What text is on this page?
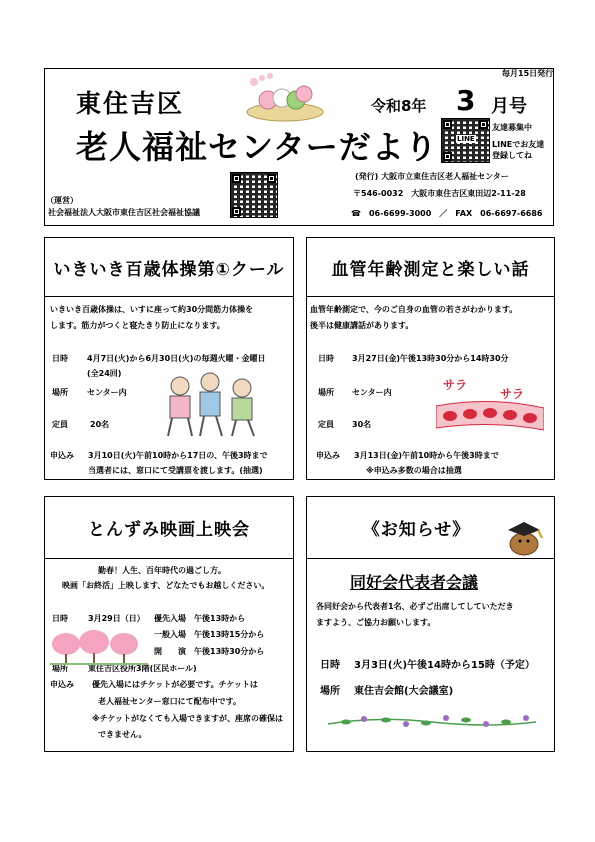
毎月15日発行
東住吉区	令和8年 3 月号
老人福祉センターだより	LINE
友達募集中
LINEでお友達
登録してね
（運営）
社会福祉法人大阪市東住吉区社会福祉協議
(発行) 大阪市立東住吉区老人福祉センター
〒546-0032　大阪市東住吉区東田辺2-11-28
☎　06-6699-3000　／　FAX　06-6697-6686
いきいき百歳体操第①クール
いきいき百歳体操は、いすに座って約30分間筋力体操を
します。筋力がつくと寝たきり防止になります。
日時 4月7日(火)から6月30日(火)の毎週火曜・金曜日
(全24回)
場所 センター内
定員	20名
申込み 3月10日(火)午前10時から17日の、午後3時まで
当選者には、窓口にて受講票を渡します。(抽選)
血管年齢測定と楽しい話
血管年齢測定で、今のご自身の血管の若さがわかります。
後半は健康講話があります。
日時 3月27日(金)午後13時30分から14時30分
場所 センター内
定員 30名
申込み 3月13日(金)午前10時から午後3時まで
※申込み多数の場合は抽選
サラ
サラ
とんずみ映画上映会
勤春！人生、百年時代の過ごし方。
映画「お終活」上映します、どなたでもお越しください。
日時	3月29日（日） 優先入場　午後13時から
一般入場　午後13時15分から
開　　演　午後13時30分から
場所	東住吉区役所3階(区民ホール)
申込み 優先入場にはチケットが必要です。チケットは
老人福祉センター窓口にて配布中です。
※チケットがなくても入場できますが、座席の確保は
できません。
《お知らせ》
同好会代表者会議
各同好会から代表者1名、必ずご出席してしていただき
ますよう、ご協力お願いします。
日時 3月3日(火)午後14時から15時（予定）
場所 東住吉会館(大会議室)
